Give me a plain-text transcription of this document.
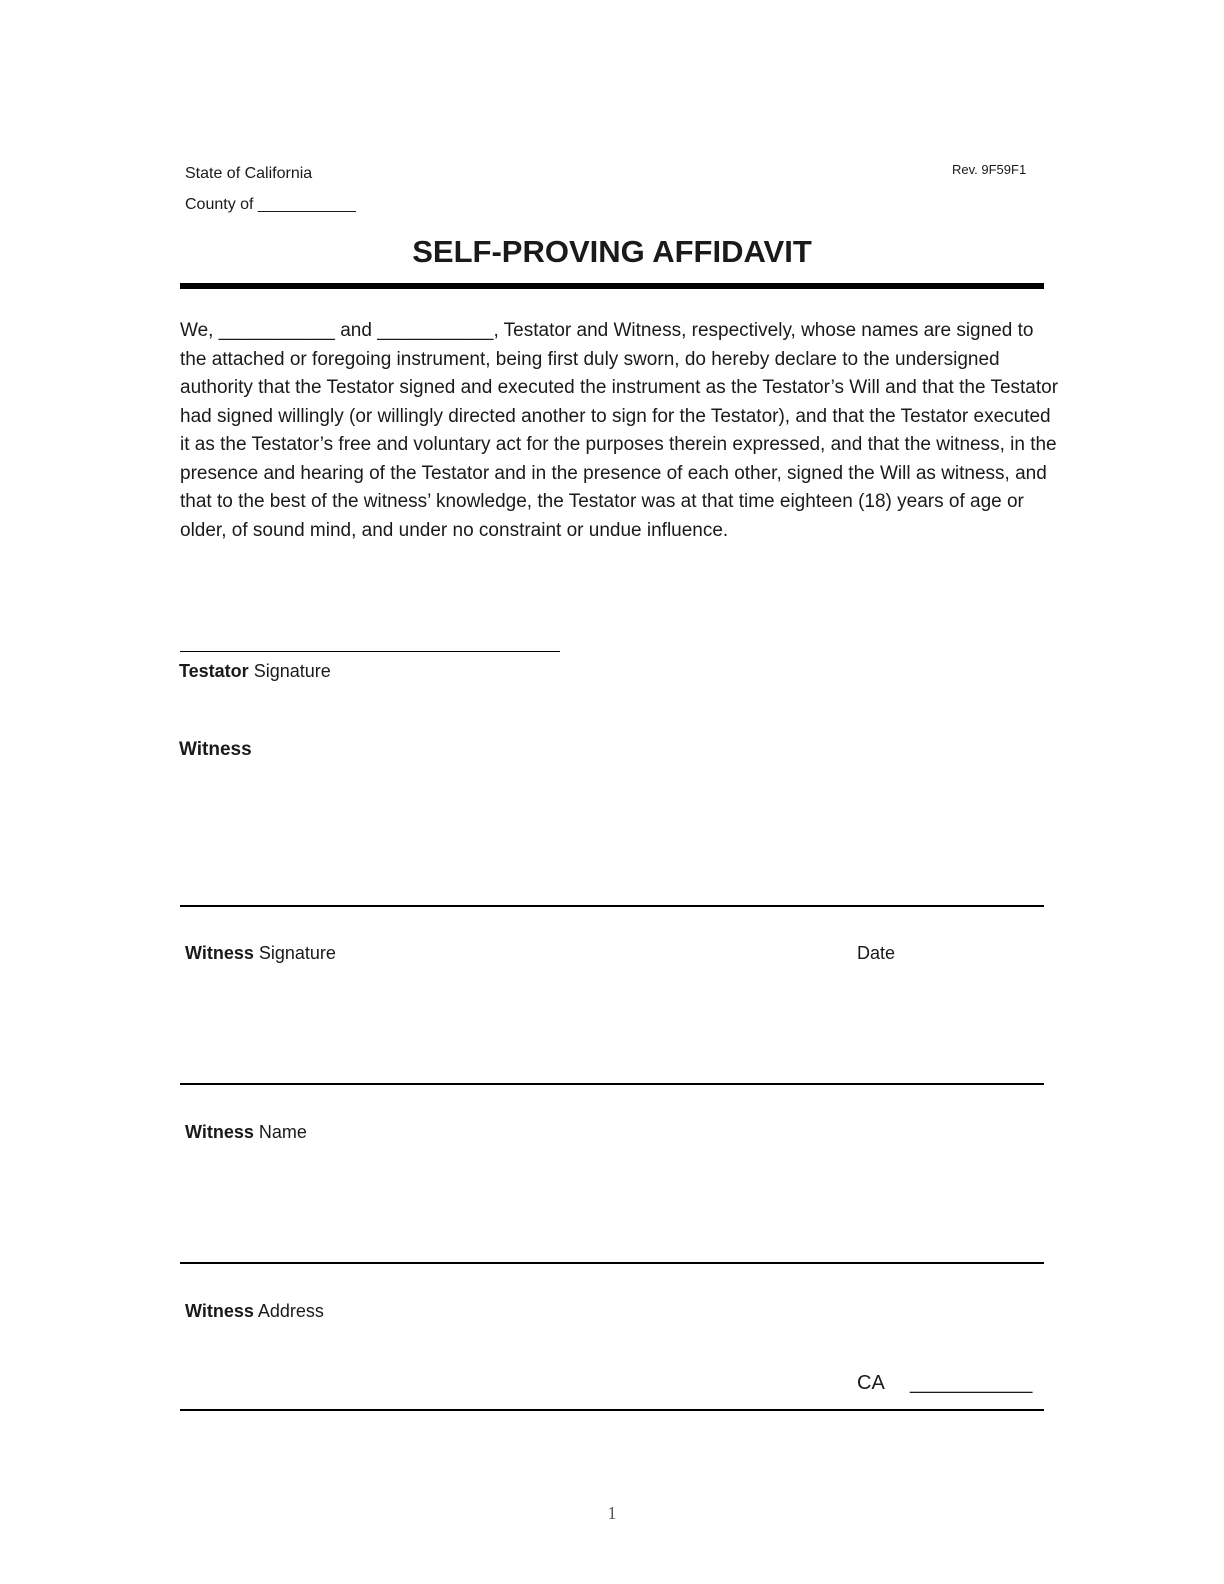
State of California
County of ___________
Rev. 9F59F1
SELF-PROVING AFFIDAVIT

We, ___________ and ___________, Testator and Witness, respectively, whose names are signed to the attached or foregoing instrument, being first duly sworn, do hereby declare to the undersigned authority that the Testator signed and executed the instrument as the Testator’s Will and that the Testator had signed willingly (or willingly directed another to sign for the Testator), and that the Testator executed it as the Testator’s free and voluntary act for the purposes therein expressed, and that the witness, in the presence and hearing of the Testator and in the presence of each other, signed the Will as witness, and that to the best of the witness’ knowledge, the Testator was at that time eighteen (18) years of age or older, of sound mind, and under no constraint or undue influence.

Testator Signature
Witness
Witness Signature	Date
Witness Name
Witness Address
CA ___________
1
